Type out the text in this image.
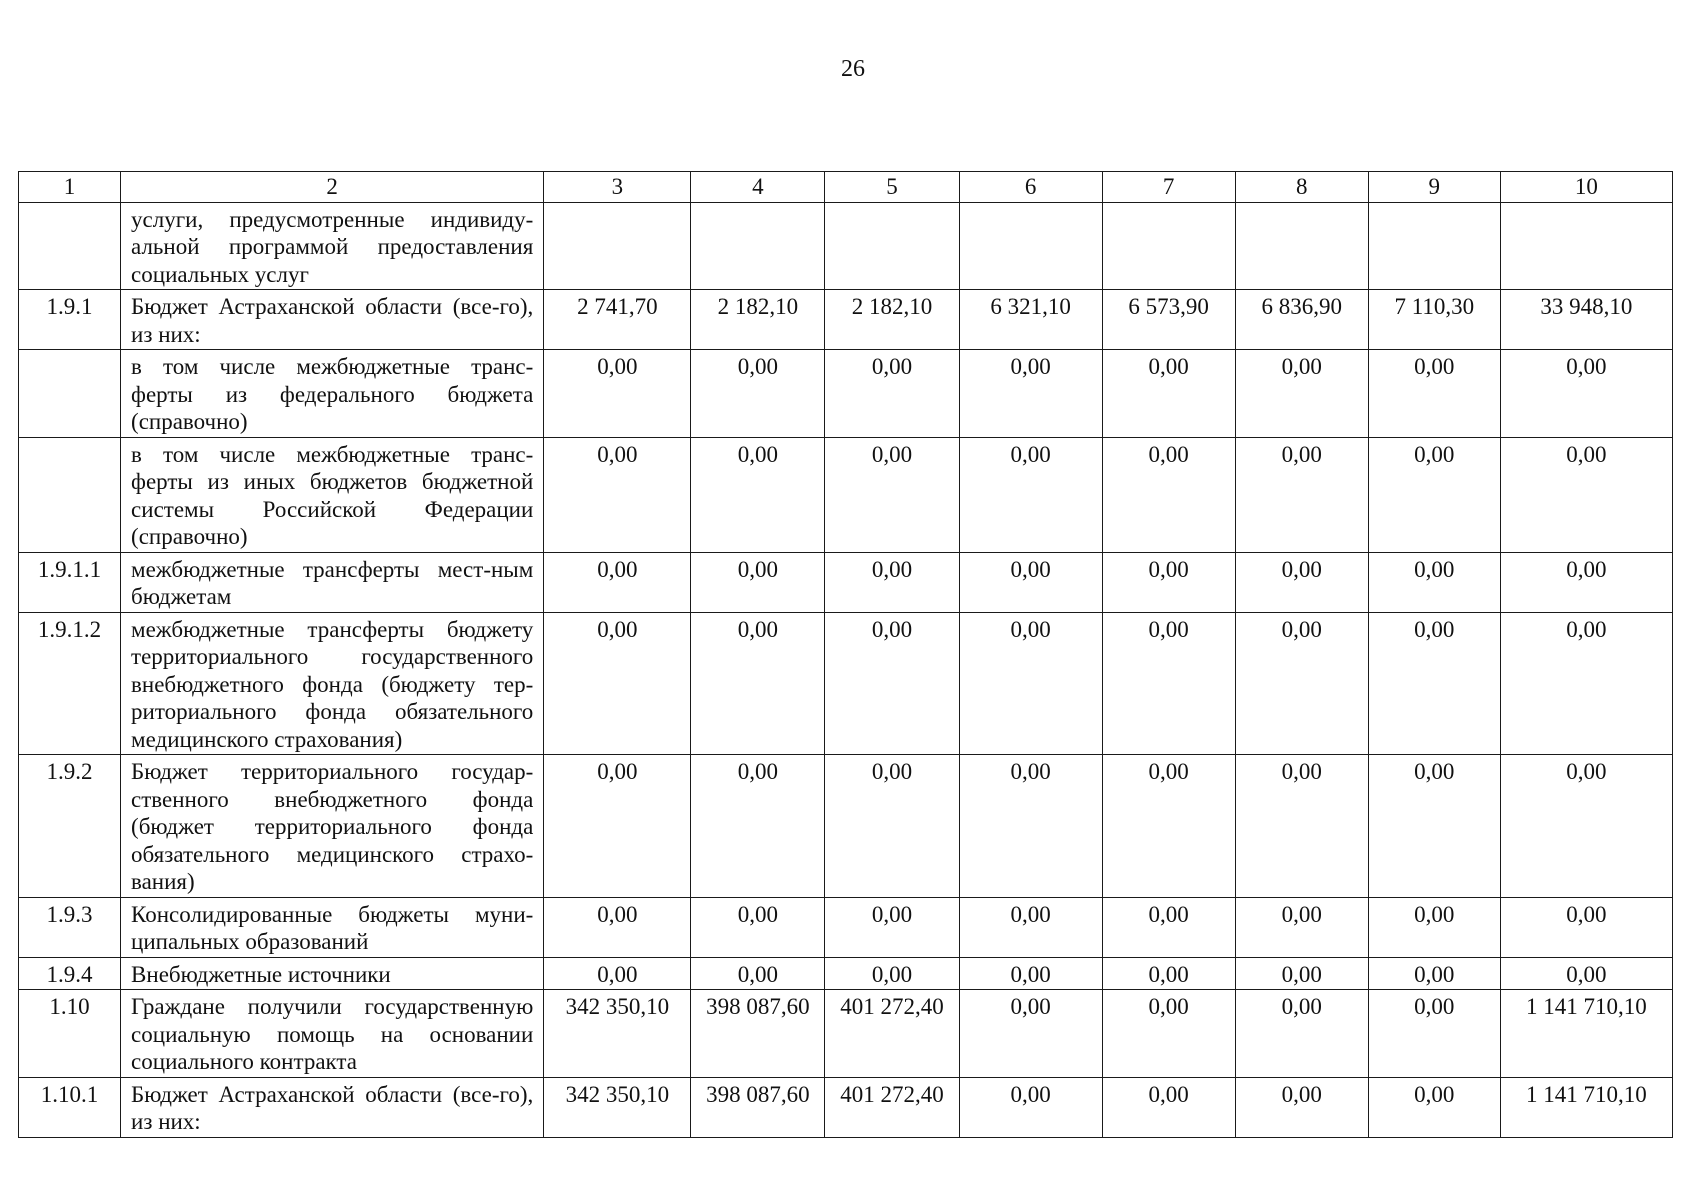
26
1	2	3	4	5	6	7	8	9	10
	услуги, предусмотренные индивиду-альной программой предоставления социальных услуг								
1.9.1	Бюджет Астраханской области (все-го), из них:	2 741,70	2 182,10	2 182,10	6 321,10	6 573,90	6 836,90	7 110,30	33 948,10
	в том числе межбюджетные транс-ферты из федерального бюджета (справочно)	0,00	0,00	0,00	0,00	0,00	0,00	0,00	0,00
	в том числе межбюджетные транс-ферты из иных бюджетов бюджетной системы Российской Федерации (справочно)	0,00	0,00	0,00	0,00	0,00	0,00	0,00	0,00
1.9.1.1	межбюджетные трансферты мест-ным бюджетам	0,00	0,00	0,00	0,00	0,00	0,00	0,00	0,00
1.9.1.2	межбюджетные трансферты бюджету территориального государственного внебюджетного фонда (бюджету тер-риториального фонда обязательного медицинского страхования)	0,00	0,00	0,00	0,00	0,00	0,00	0,00	0,00
1.9.2	Бюджет территориального государ-ственного внебюджетного фонда (бюджет территориального фонда обязательного медицинского страхо-вания)	0,00	0,00	0,00	0,00	0,00	0,00	0,00	0,00
1.9.3	Консолидированные бюджеты муни-ципальных образований	0,00	0,00	0,00	0,00	0,00	0,00	0,00	0,00
1.9.4	Внебюджетные источники	0,00	0,00	0,00	0,00	0,00	0,00	0,00	0,00
1.10	Граждане получили государственную социальную помощь на основании социального контракта	342 350,10	398 087,60	401 272,40	0,00	0,00	0,00	0,00	1 141 710,10
1.10.1	Бюджет Астраханской области (все-го), из них:	342 350,10	398 087,60	401 272,40	0,00	0,00	0,00	0,00	1 141 710,10
